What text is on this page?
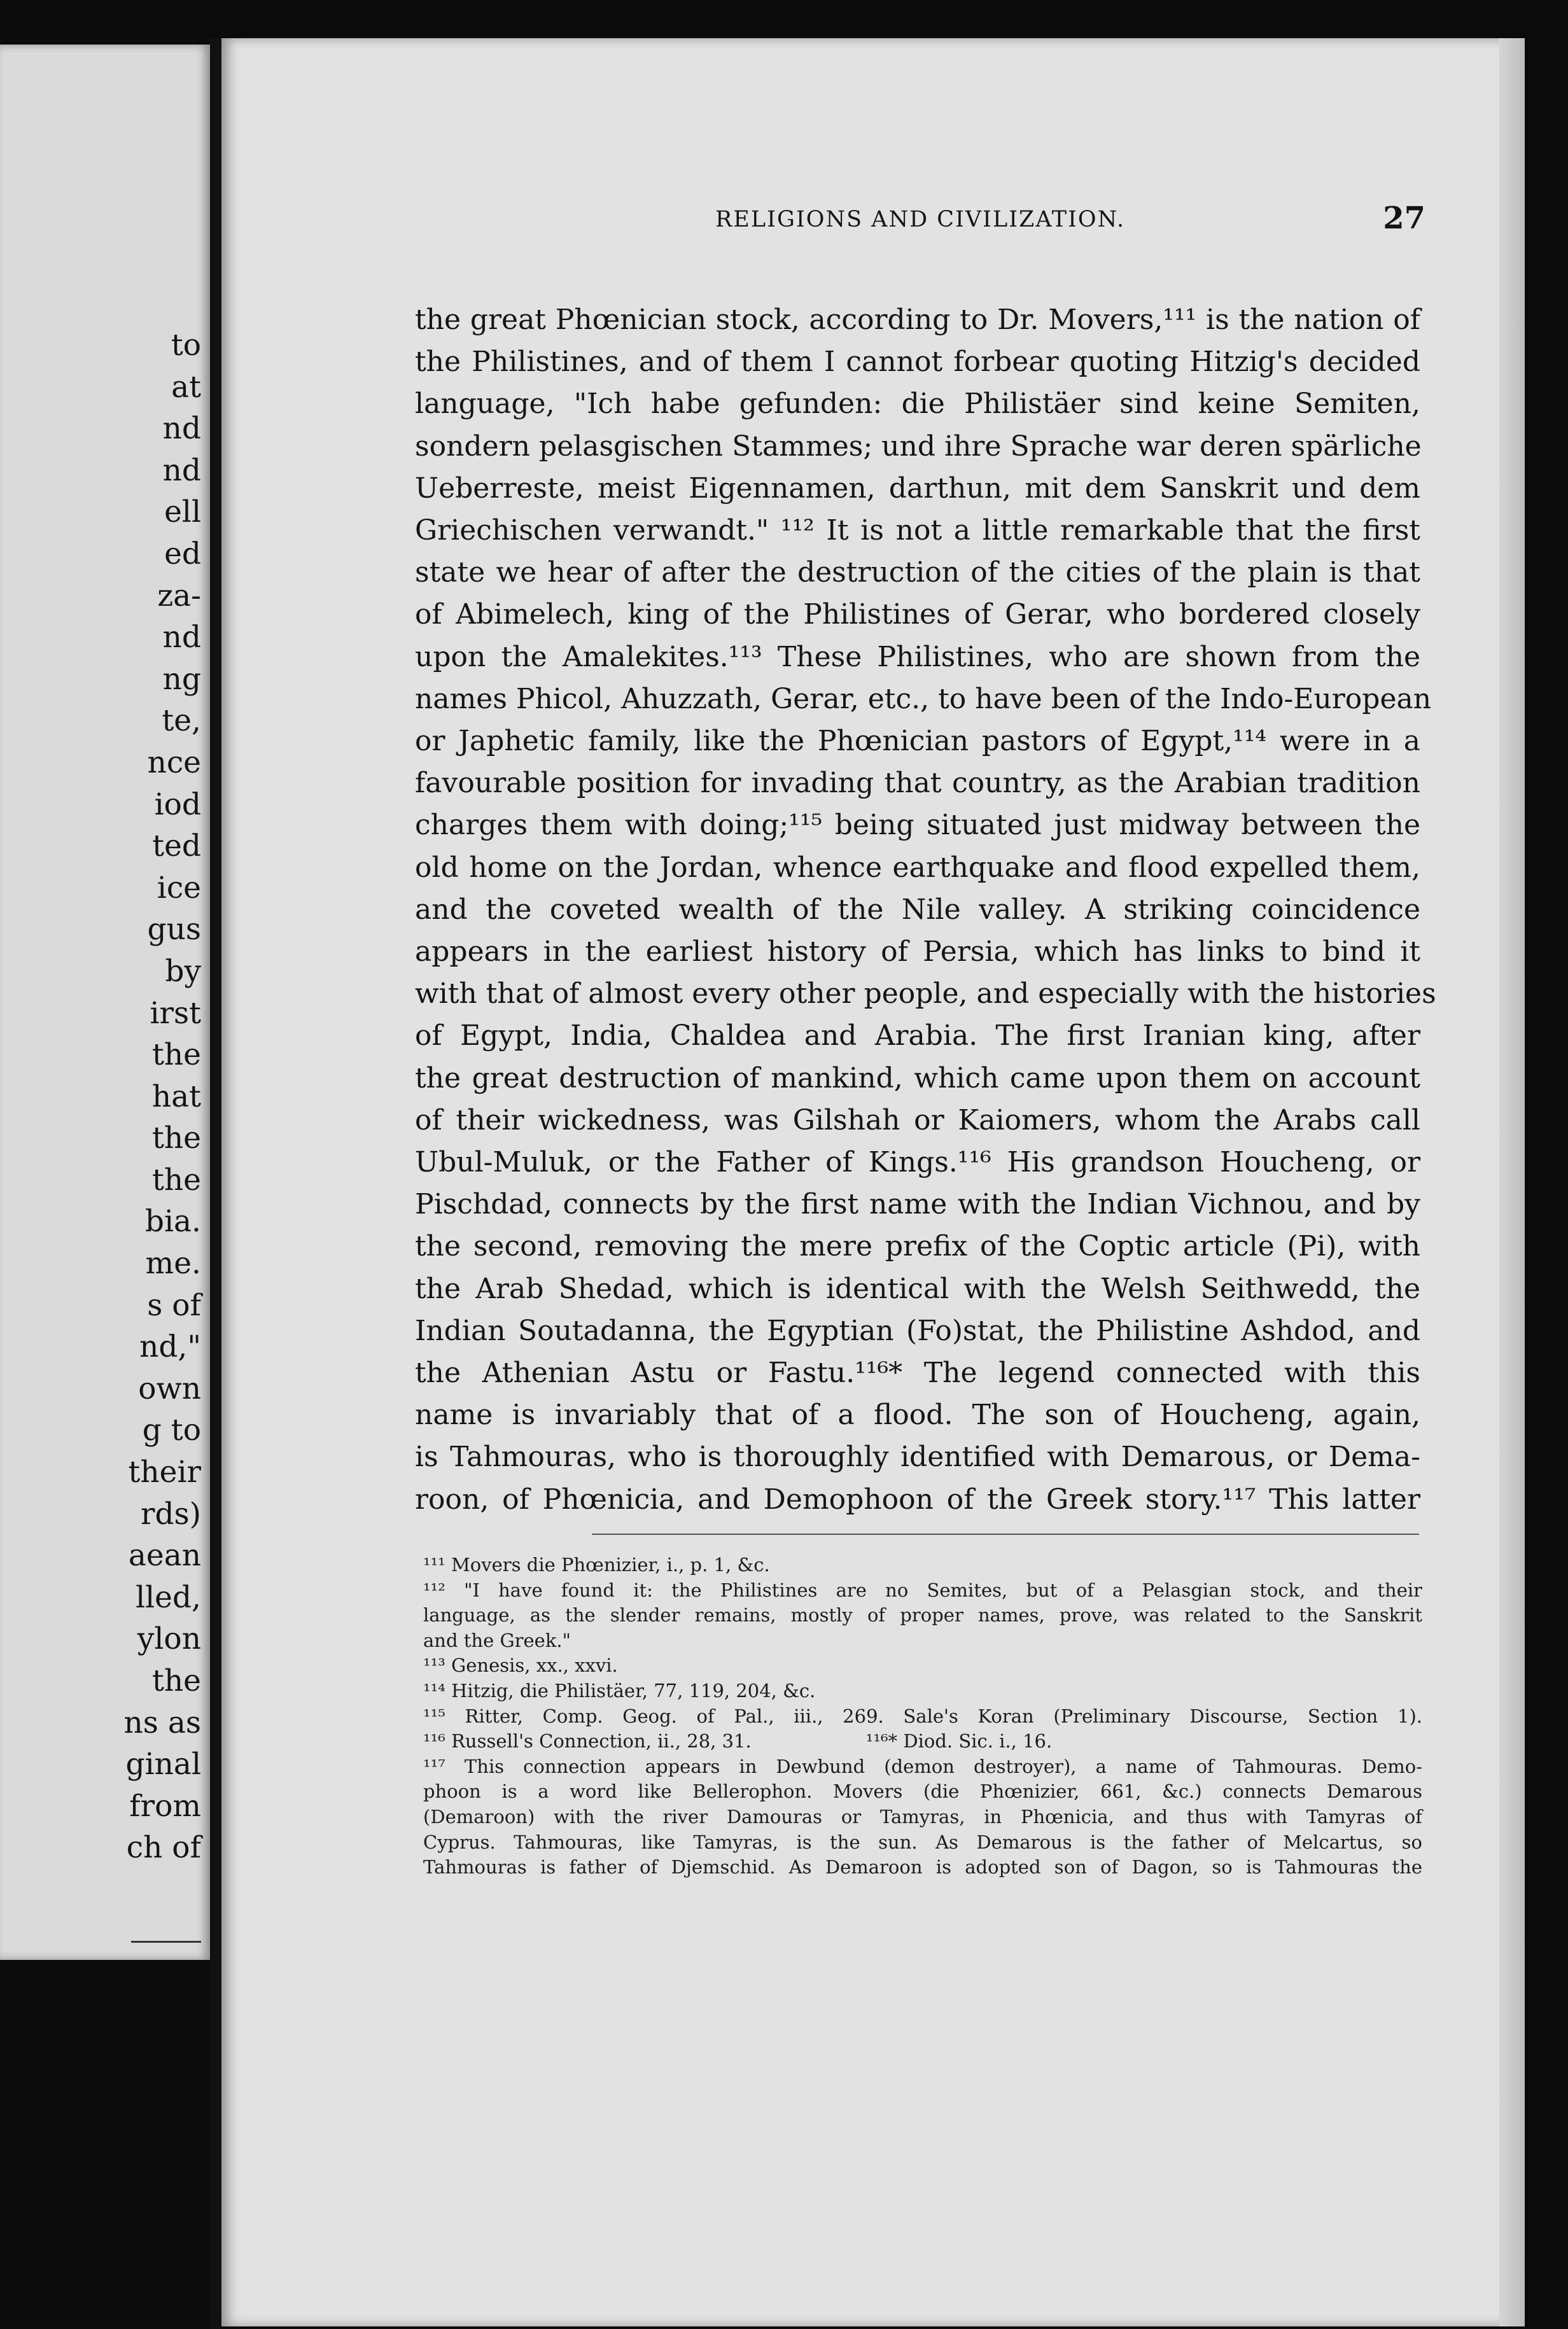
to
at
nd
nd
ell
ed
za-
nd
ng
te,
nce
iod
ted
ice
gus
by
irst
the
hat
the
the
bia.
me.
s of
nd,"
own
g to
their
rds)
aean
lled,
ylon
the
ns as
ginal
from
ch of
RELIGIONS AND CIVILIZATION.	27
the great Phœnician stock, according to Dr. Movers,¹¹¹ is the nation of
the Philistines, and of them I cannot forbear quoting Hitzig's decided
language, "Ich habe gefunden: die Philistäer sind keine Semiten,
sondern pelasgischen Stammes; und ihre Sprache war deren spärliche
Ueberreste, meist Eigennamen, darthun, mit dem Sanskrit und dem
Griechischen verwandt." ¹¹² It is not a little remarkable that the first
state we hear of after the destruction of the cities of the plain is that
of Abimelech, king of the Philistines of Gerar, who bordered closely
upon the Amalekites.¹¹³ These Philistines, who are shown from the
names Phicol, Ahuzzath, Gerar, etc., to have been of the Indo-European
or Japhetic family, like the Phœnician pastors of Egypt,¹¹⁴ were in a
favourable position for invading that country, as the Arabian tradition
charges them with doing;¹¹⁵ being situated just midway between the
old home on the Jordan, whence earthquake and flood expelled them,
and the coveted wealth of the Nile valley. A striking coincidence
appears in the earliest history of Persia, which has links to bind it
with that of almost every other people, and especially with the histories
of Egypt, India, Chaldea and Arabia. The first Iranian king, after
the great destruction of mankind, which came upon them on account
of their wickedness, was Gilshah or Kaiomers, whom the Arabs call
Ubul-Muluk, or the Father of Kings.¹¹⁶ His grandson Houcheng, or
Pischdad, connects by the first name with the Indian Vichnou, and by
the second, removing the mere prefix of the Coptic article (Pi), with
the Arab Shedad, which is identical with the Welsh Seithwedd, the
Indian Soutadanna, the Egyptian (Fo)stat, the Philistine Ashdod, and
the Athenian Astu or Fastu.¹¹⁶* The legend connected with this
name is invariably that of a flood. The son of Houcheng, again,
is Tahmouras, who is thoroughly identified with Demarous, or Dema-
roon, of Phœnicia, and Demophoon of the Greek story.¹¹⁷ This latter
¹¹¹ Movers die Phœnizier, i., p. 1, &c.
¹¹² "I have found it: the Philistines are no Semites, but of a Pelasgian stock, and their
language, as the slender remains, mostly of proper names, prove, was related to the Sanskrit
and the Greek."
¹¹³ Genesis, xx., xxvi.
¹¹⁴ Hitzig, die Philistäer, 77, 119, 204, &c.
¹¹⁵ Ritter, Comp. Geog. of Pal., iii., 269. Sale's Koran (Preliminary Discourse, Section 1).
¹¹⁶ Russell's Connection, ii., 28, 31.	¹¹⁶* Diod. Sic. i., 16.
¹¹⁷ This connection appears in Dewbund (demon destroyer), a name of Tahmouras. Demo-
phoon is a word like Bellerophon. Movers (die Phœnizier, 661, &c.) connects Demarous
(Demaroon) with the river Damouras or Tamyras, in Phœnicia, and thus with Tamyras of
Cyprus. Tahmouras, like Tamyras, is the sun. As Demarous is the father of Melcartus, so
Tahmouras is father of Djemschid. As Demaroon is adopted son of Dagon, so is Tahmouras the
